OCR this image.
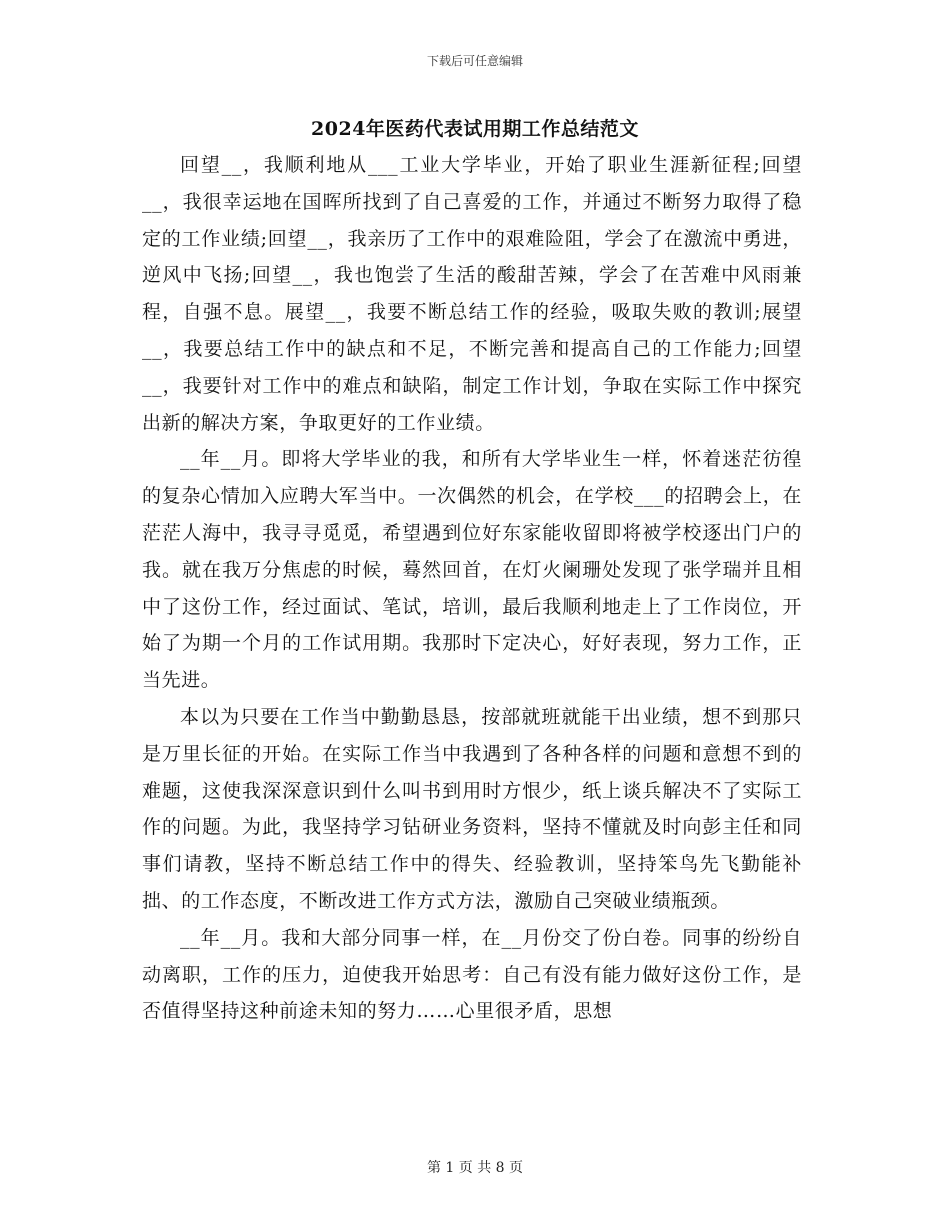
下载后可任意编辑
2024年医药代表试用期工作总结范文

回望__，我顺利地从___工业大学毕业，开始了职业生涯新征程;回望__，我很幸运地在国晖所找到了自己喜爱的工作，并通过不断努力取得了稳定的工作业绩;回望__，我亲历了工作中的艰难险阻，学会了在激流中勇进，逆风中飞扬;回望__，我也饱尝了生活的酸甜苦辣，学会了在苦难中风雨兼程，自强不息。展望__，我要不断总结工作的经验，吸取失败的教训;展望__，我要总结工作中的缺点和不足，不断完善和提高自己的工作能力;回望__，我要针对工作中的难点和缺陷，制定工作计划，争取在实际工作中探究出新的解决方案，争取更好的工作业绩。

__年__月。即将大学毕业的我，和所有大学毕业生一样，怀着迷茫彷徨的复杂心情加入应聘大军当中。一次偶然的机会，在学校___的招聘会上，在茫茫人海中，我寻寻觅觅，希望遇到位好东家能收留即将被学校逐出门户的我。就在我万分焦虑的时候，蓦然回首，在灯火阑珊处发现了张学瑞并且相中了这份工作，经过面试、笔试，培训，最后我顺利地走上了工作岗位，开始了为期一个月的工作试用期。我那时下定决心，好好表现，努力工作，正当先进。

本以为只要在工作当中勤勤恳恳，按部就班就能干出业绩，想不到那只是万里长征的开始。在实际工作当中我遇到了各种各样的问题和意想不到的难题，这使我深深意识到什么叫书到用时方恨少，纸上谈兵解决不了实际工作的问题。为此，我坚持学习钻研业务资料，坚持不懂就及时向彭主任和同事们请教，坚持不断总结工作中的得失、经验教训，坚持笨鸟先飞勤能补拙、的工作态度，不断改进工作方式方法，激励自己突破业绩瓶颈。

__年__月。我和大部分同事一样，在__月份交了份白卷。同事的纷纷自动离职，工作的压力，迫使我开始思考：自己有没有能力做好这份工作，是否值得坚持这种前途未知的努力……心里很矛盾，思想

第 1 页 共 8 页
